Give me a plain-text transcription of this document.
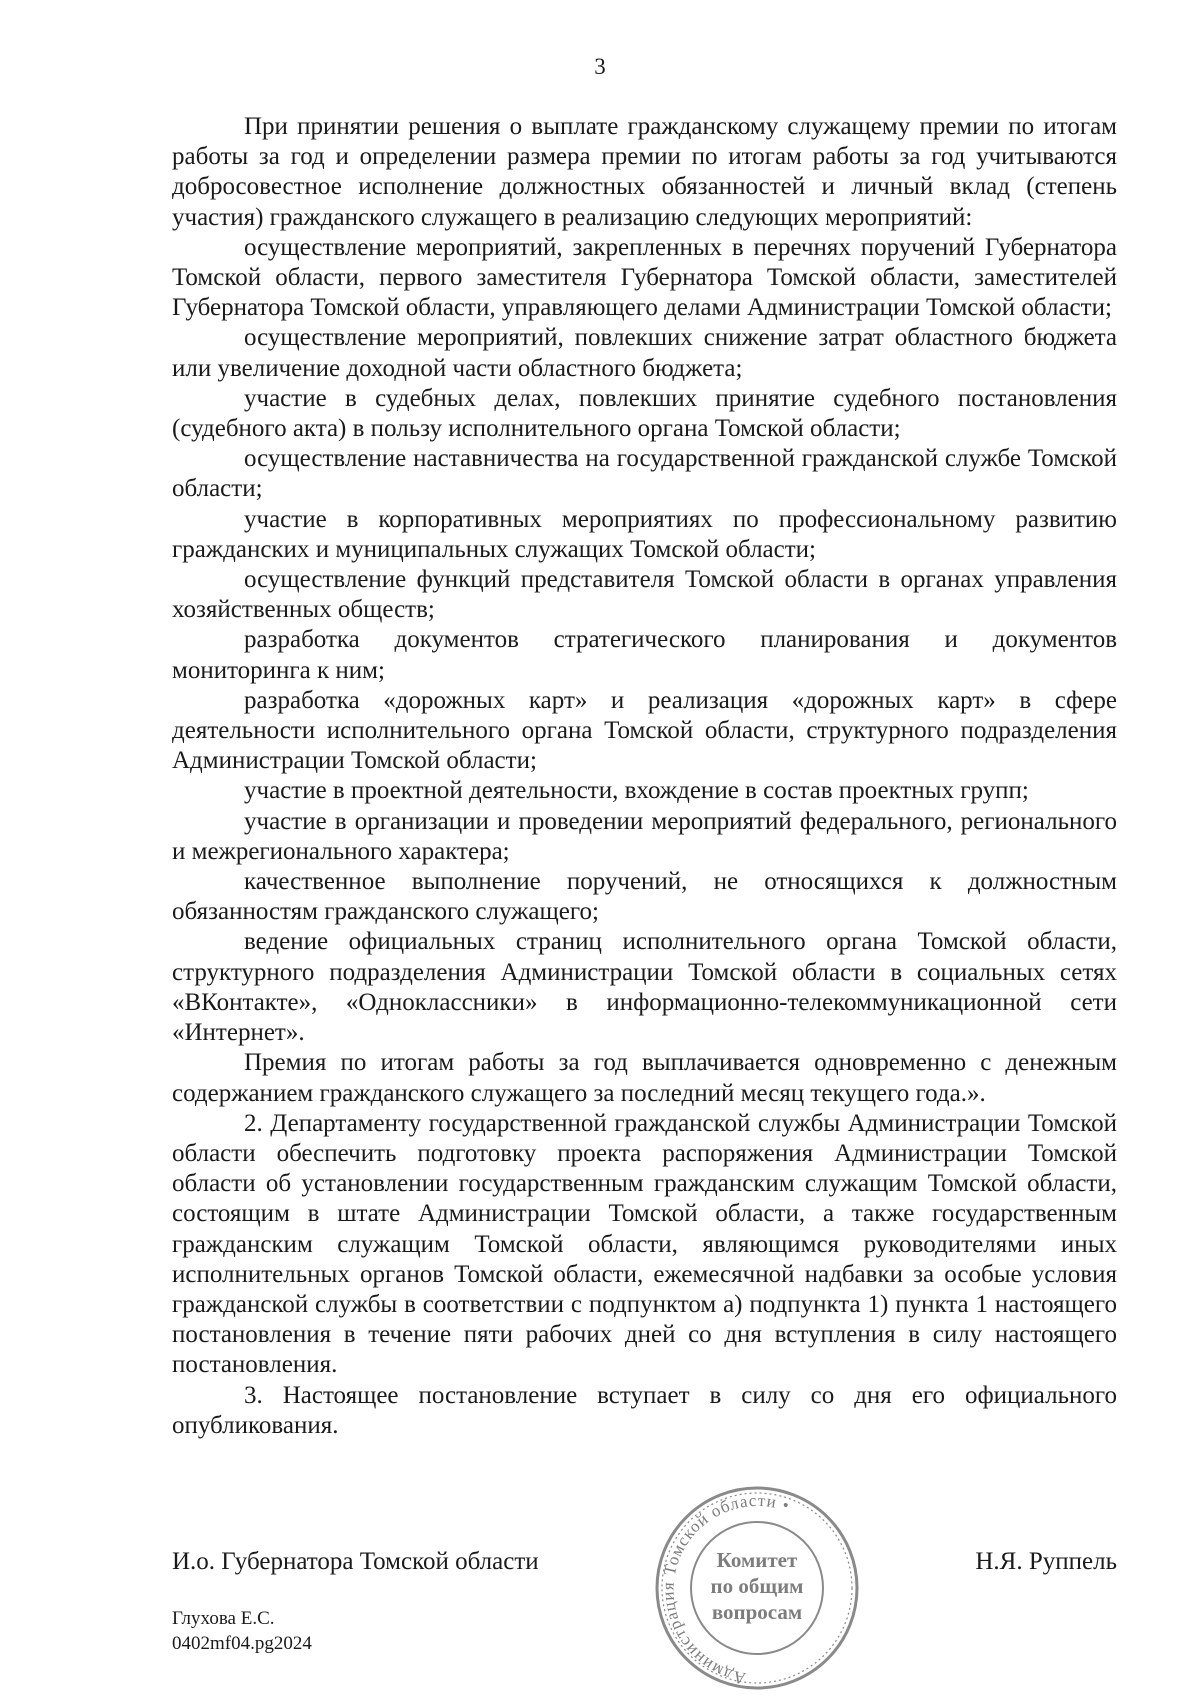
3

При принятии решения о выплате гражданскому служащему премии по итогам работы за год и определении размера премии по итогам работы за год учитываются добросовестное исполнение должностных обязанностей и личный вклад (степень участия) гражданского служащего в реализацию следующих мероприятий:

осуществление мероприятий, закрепленных в перечнях поручений Губернатора Томской области, первого заместителя Губернатора Томской области, заместителей Губернатора Томской области, управляющего делами Администрации Томской области;

осуществление мероприятий, повлекших снижение затрат областного бюджета или увеличение доходной части областного бюджета;

участие в судебных делах, повлекших принятие судебного постановления (судебного акта) в пользу исполнительного органа Томской области;

осуществление наставничества на государственной гражданской службе Томской области;

участие в корпоративных мероприятиях по профессиональному развитию гражданских и муниципальных служащих Томской области;

осуществление функций представителя Томской области в органах управления хозяйственных обществ;

разработка документов стратегического планирования и документов мониторинга к ним;

разработка «дорожных карт» и реализация «дорожных карт» в сфере деятельности исполнительного органа Томской области, структурного подразделения Администрации Томской области;

участие в проектной деятельности, вхождение в состав проектных групп;

участие в организации и проведении мероприятий федерального, регионального и межрегионального характера;

качественное выполнение поручений, не относящихся к должностным обязанностям гражданского служащего;

ведение официальных страниц исполнительного органа Томской области, структурного подразделения Администрации Томской области в социальных сетях «ВКонтакте», «Одноклассники» в информационно-телекоммуникационной сети «Интернет».

Премия по итогам работы за год выплачивается одновременно с денежным содержанием гражданского служащего за последний месяц текущего года.».

2. Департаменту государственной гражданской службы Администрации Томской области обеспечить подготовку проекта распоряжения Администрации Томской области об установлении государственным гражданским служащим Томской области, состоящим в штате Администрации Томской области, а также государственным гражданским служащим Томской области, являющимся руководителями иных исполнительных органов Томской области, ежемесячной надбавки за особые условия гражданской службы в соответствии с подпунктом а) подпункта 1) пункта 1 настоящего постановления в течение пяти рабочих дней со дня вступления в силу настоящего постановления.

3. Настоящее постановление вступает в силу со дня его официального опубликования.

И.о. Губернатора Томской области	Н.Я. Руппель
Администрация Томской области •
Комитет
по общим
вопросам
Глухова Е.С.
0402mf04.pg2024
